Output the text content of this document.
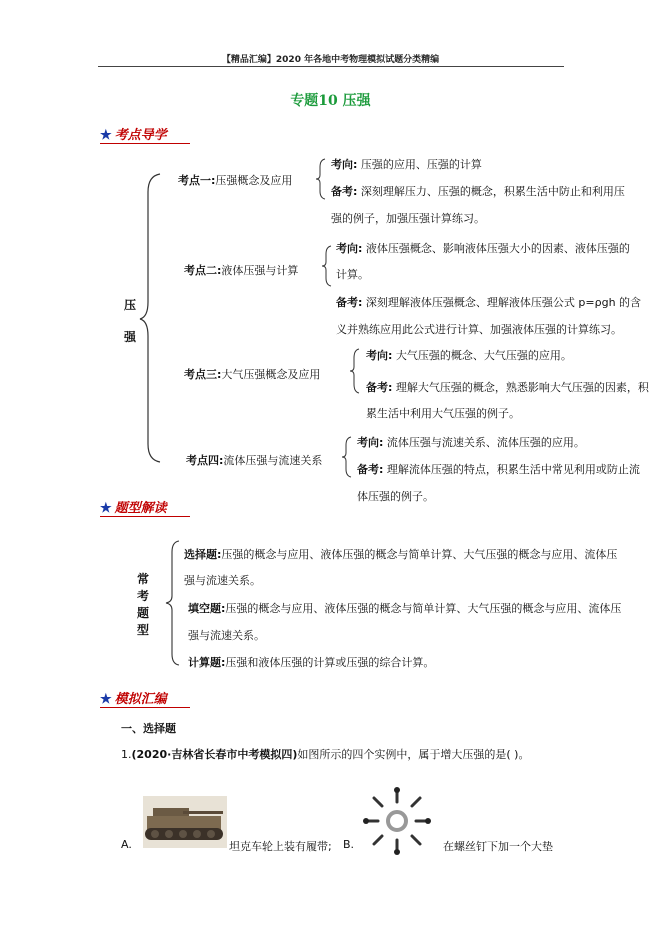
【精品汇编】2020 年各地中考物理模拟试题分类精编
专题10 压强
★ 考点导学
压
强
考点一:压强概念及应用
考向: 压强的应用、压强的计算
备考: 深刻理解压力、压强的概念，积累生活中防止和利用压
强的例子，加强压强计算练习。
考点二:液体压强与计算
考向: 液体压强概念、影响液体压强大小的因素、液体压强的
计算。
备考: 深刻理解液体压强概念、理解液体压强公式 p=ρgh 的含
义并熟练应用此公式进行计算、加强液体压强的计算练习。
考点三:大气压强概念及应用
考向: 大气压强的概念、大气压强的应用。
备考: 理解大气压强的概念，熟悉影响大气压强的因素，积
累生活中利用大气压强的例子。
考点四:流体压强与流速关系
考向: 流体压强与流速关系、流体压强的应用。
备考: 理解流体压强的特点，积累生活中常见利用或防止流
体压强的例子。
★ 题型解读
常
考
题
型
选择题:压强的概念与应用、液体压强的概念与简单计算、大气压强的概念与应用、流体压
强与流速关系。
填空题:压强的概念与应用、液体压强的概念与简单计算、大气压强的概念与应用、流体压
强与流速关系。
计算题:压强和液体压强的计算或压强的综合计算。
★ 模拟汇编
一、选择题
1.(2020·吉林省长春市中考模拟四)如图所示的四个实例中，属于增大压强的是( )。
A.	坦克车轮上装有履带; B.	在螺丝钉下加一个大垫
